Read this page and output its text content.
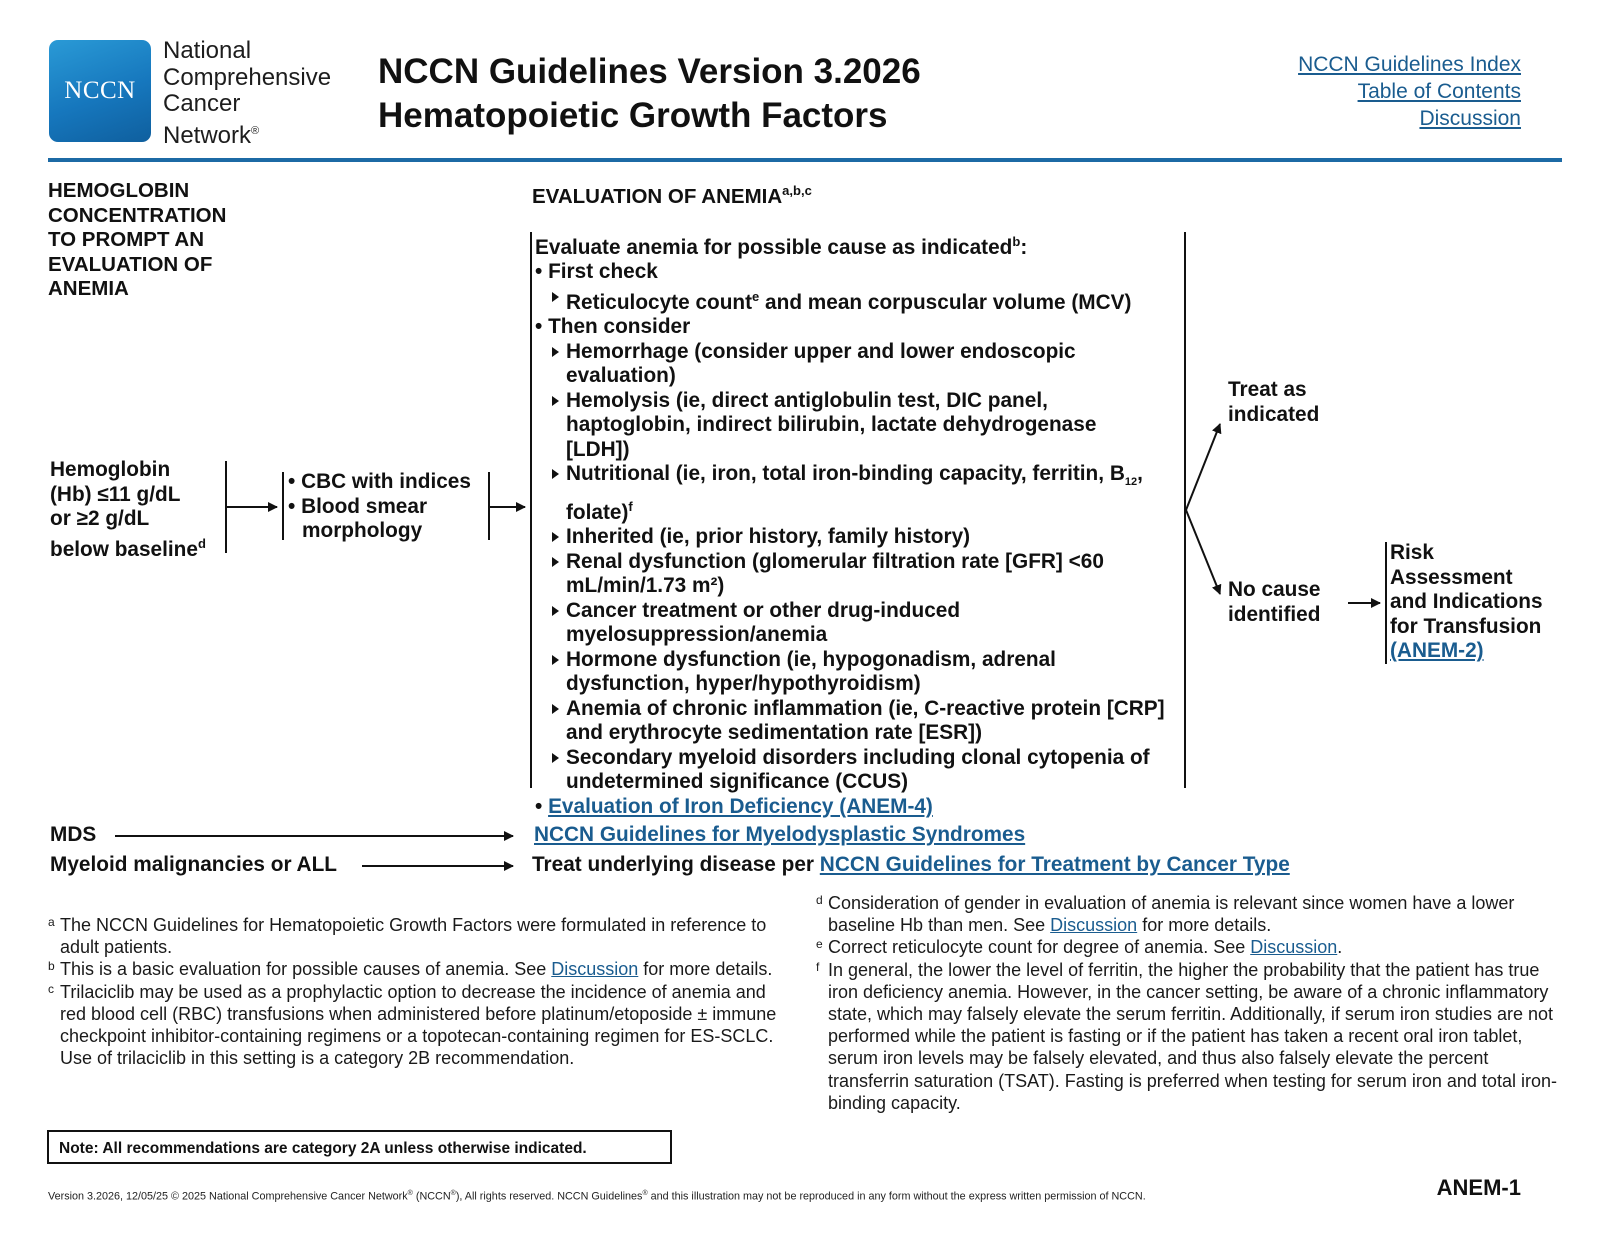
NCCN
National
Comprehensive
Cancer
Network®
NCCN Guidelines Version 3.2026
Hematopoietic Growth Factors
NCCN Guidelines Index
Table of Contents
Discussion
HEMOGLOBIN
CONCENTRATION
TO PROMPT AN
EVALUATION OF
ANEMIA
EVALUATION OF ANEMIA$^{a,b,c}$
Hemoglobin
(Hb) ≤11 g/dL
or ≥2 g/dL
below baseline$^d$
• CBC with indices
• Blood smear
morphology
Evaluate anemia for possible cause as indicated$^b$:
• First check
Reticulocyte count$^e$ and mean corpuscular volume (MCV)
• Then consider
Hemorrhage (consider upper and lower endoscopic evaluation)
Hemolysis (ie, direct antiglobulin test, DIC panel, haptoglobin, indirect bilirubin, lactate dehydrogenase [LDH])
Nutritional (ie, iron, total iron-binding capacity, ferritin, $B_{12}$, folate)$^f$
Inherited (ie, prior history, family history)
Renal dysfunction (glomerular filtration rate [GFR] <60 mL/min/1.73 m²)
Cancer treatment or other drug-induced myelosuppression/anemia
Hormone dysfunction (ie, hypogonadism, adrenal dysfunction, hyper/hypothyroidism)
Anemia of chronic inflammation (ie, C-reactive protein [CRP] and erythrocyte sedimentation rate [ESR])
Secondary myeloid disorders including clonal cytopenia of undetermined significance (CCUS)
• Evaluation of Iron Deficiency (ANEM-4)
Treat as
indicated
No cause
identified
Risk
Assessment
and Indications
for Transfusion
(ANEM-2)
MDS	NCCN Guidelines for Myelodysplastic Syndromes
Myeloid malignancies or ALL	Treat underlying disease per NCCN Guidelines for Treatment by Cancer Type
a The NCCN Guidelines for Hematopoietic Growth Factors were formulated in reference to adult patients.
b This is a basic evaluation for possible causes of anemia. See Discussion for more details.
c Trilaciclib may be used as a prophylactic option to decrease the incidence of anemia and red blood cell (RBC) transfusions when administered before platinum/etoposide ± immune checkpoint inhibitor-containing regimens or a topotecan-containing regimen for ES-SCLC. Use of trilaciclib in this setting is a category 2B recommendation.
d Consideration of gender in evaluation of anemia is relevant since women have a lower baseline Hb than men. See Discussion for more details.
e Correct reticulocyte count for degree of anemia. See Discussion.
f In general, the lower the level of ferritin, the higher the probability that the patient has true iron deficiency anemia. However, in the cancer setting, be aware of a chronic inflammatory state, which may falsely elevate the serum ferritin. Additionally, if serum iron studies are not performed while the patient is fasting or if the patient has taken a recent oral iron tablet, serum iron levels may be falsely elevated, and thus also falsely elevate the percent transferrin saturation (TSAT). Fasting is preferred when testing for serum iron and total iron-binding capacity.
Note: All recommendations are category 2A unless otherwise indicated.
Version 3.2026, 12/05/25 © 2025 National Comprehensive Cancer Network® (NCCN®), All rights reserved. NCCN Guidelines® and this illustration may not be reproduced in any form without the express written permission of NCCN.	ANEM-1
